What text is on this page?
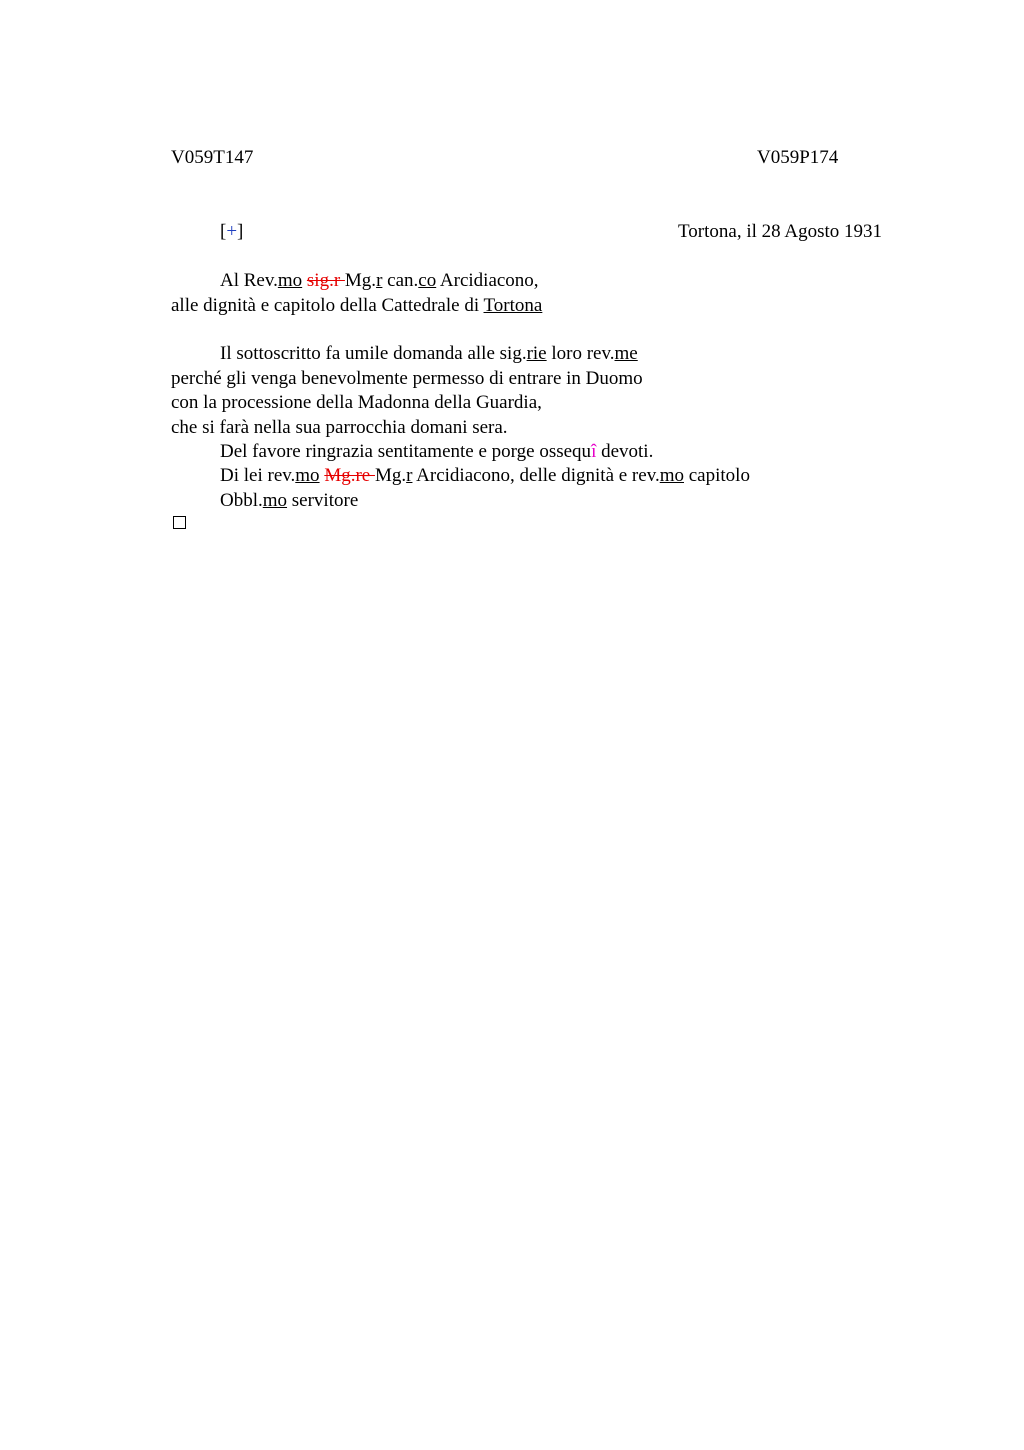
V059T147	V059P174
[+]	Tortona, il 28 Agosto 1931
Al Rev.mo sig.r Mg.r can.co Arcidiacono,
alle dignità e capitolo della Cattedrale di Tortona
Il sottoscritto fa umile domanda alle sig.rie loro rev.me
perché gli venga benevolmente permesso di entrare in Duomo
con la processione della Madonna della Guardia,
che si farà nella sua parrocchia domani sera.
Del favore ringrazia sentitamente e porge ossequî devoti.
Di lei rev.mo Mg.re Mg.r Arcidiacono, delle dignità e rev.mo capitolo
Obbl.mo servitore
